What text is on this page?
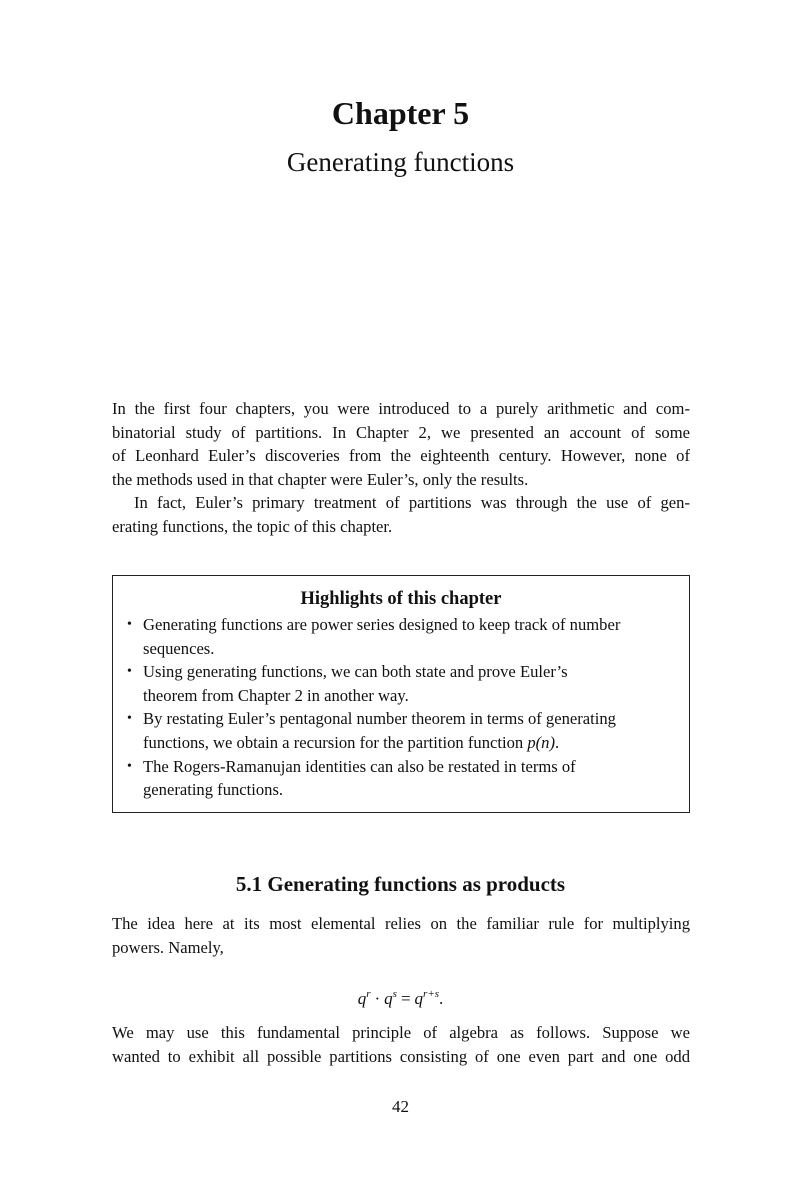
Chapter 5
Generating functions

In the first four chapters, you were introduced to a purely arithmetic and com-
binatorial study of partitions. In Chapter 2, we presented an account of some
of Leonhard Euler’s discoveries from the eighteenth century. However, none of
the methods used in that chapter were Euler’s, only the results.

In fact, Euler’s primary treatment of partitions was through the use of gen-
erating functions, the topic of this chapter.

Highlights of this chapter
• Generating functions are power series designed to keep track of number
sequences.
• Using generating functions, we can both state and prove Euler’s
theorem from Chapter 2 in another way.
• By restating Euler’s pentagonal number theorem in terms of generating
functions, we obtain a recursion for the partition function p(n).
• The Rogers-Ramanujan identities can also be restated in terms of
generating functions.
5.1 Generating functions as products
The idea here at its most elemental relies on the familiar rule for multiplying
powers. Namely,
$q^r \cdot q^s = q^{r+s}$.
We may use this fundamental principle of algebra as follows. Suppose we
wanted to exhibit all possible partitions consisting of one even part and one odd
42
